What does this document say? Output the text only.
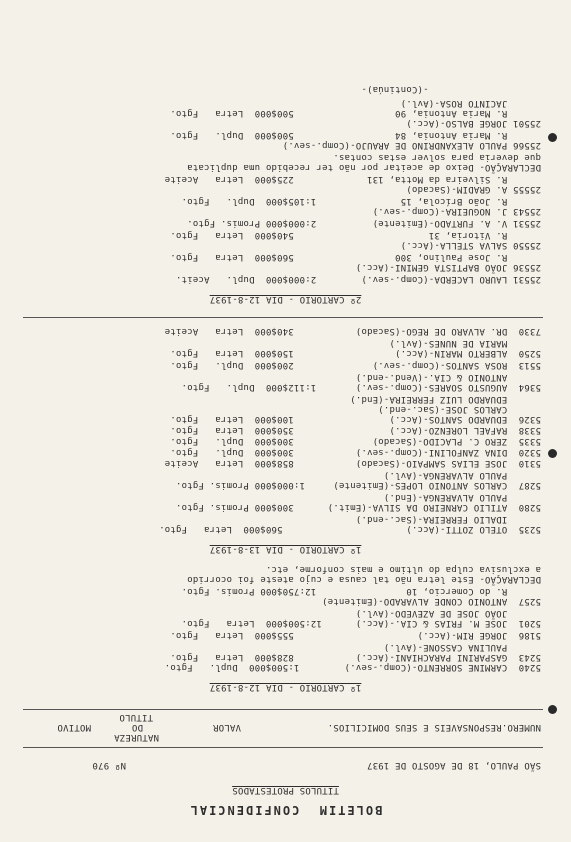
BOLETIM  CONFIDENCIAL
TITULOS PROTESTADOS
SÃO PAULO, 18 DE AGOSTO DE 1937
Nº 970
NUMERO.RESPONSAVEIS E SEUS DOMICILIOS.
VALOR
NATUREZA
DO
TITULO
MOTIVO
1º CARTORIO - DIA 12-8-1937
5240  CARMINE SORRENTO-(Comp.-sev.)        1:500$000  Dupl.   Fgto.
5243  GASPARINI PARACHIANI-(Acc.)           828$000  Letra   Fgto.
PAULINA CASSONE-(Avl.)
5186  JORGE RIM-(Acc.)                      555$000  Letra   Fgto.
5201  JOSE M. FRIAS & CIA.-(Acc.)      12:500$000  Letra   Fgto.
JOÃO JOSE DE AZEVEDO-(Avl.)
5257  ANTONIO CONDE ALVARADO-(Emitente)
R. do Comercio, 10                12:750$000 Promis. Fgto.
DECLARAÇÃO- Este letra não tal causa e cujo ateste foi ocorrido
a exclusiva culpa do ultimo e mais conforme, etc.
1º CARTORIO - DIA 13-8-1937
5235  OTELO ZOTTI-(Acc.)                      560$000  Letra   Fgto.
IDALIO FERREIRA-(Sac.-end.)
5280  ATILIO CARNEIRO DA SILVA-(Emit.)      300$000 Promis. Fgto.
PAULO ALVARENGA-(End.)
5287  CARLOS ANTONIO LOPES-(Emitente)     1:000$000 Promis. Fgto.
PAULO ALVARENGA-(Avl.)
5310  JOSE ELIAS SAMPAIO-(Sacado)           858$000  Letra   Aceite
5320  DINA ZANFOLINI-(Comp.-sev.)           300$000  Dupl.   Fgto.
5335  ZERO C. PLACIDO-(Sacado)              300$000  Dupl.   Fgto.
5338  RAFAEL LORENZO-(Acc.)                 350$000  Letra   Fgto.
5326  EDUARDO SANTOS-(Acc.)                 100$000  Letra   Fgto.
CARLOS JOSE-(Sac.-end.)
EDUARDO LUIZ FERREIRA-(End.)
5364  AUGUSTO SOARES-(Comp.-sev.)       1:112$000  Dupl.   Fgto.
ANTONIO & CIA.-(Vend.-end.)
5513  ROSA SANTOS-(Comp.-sev.)              200$000  Dupl.   Fgto.
5250  ALBERTO MARIN-(Acc.)                  150$000  Letra   Fgto.
MARIA DE NUNES-(Avl.)
7330  DR. ALVARO DE REGO-(Sacado)           340$000  Letra   Aceite
2º CARTORIO - DIA 12-8-1937
25531 LAURO LACERDA-(Comp.-sev.)        2:000$000  Dupl.   Aceit.
25536 JOÃO BAPTISTA GEMINI-(Acc.)
R. Jose Paulino, 300                  560$000  Letra   Fgto.
25550 SALVA STELLA-(Acc.)
R. Vitoria, 31                        540$000  Letra   Fgto.
25531 V. A. FURTADO-(Emitente)          2:000$000 Promis. Fgto.
25543 J. NOGUEIRA-(Comp.-sev.)
R. João Brícola, 15               1:105$000  Dupl.   Fgto.
25555 A. GRADIM-(Sacado)
R. Silveira da Motta, 131             225$000  Letra   Aceite
DECLARAÇÃO- Deixo de aceitar por não ter recebido uma duplicata
que deveria para solver estas contas.
25566 PAULO ALEXANDRINO DE ARAUJO-(Comp.-sev.)
R. Maria Antonia, 84                  500$000  Dupl.   Fgto.
25501 JORGE BALSO-(Acc.)
R. Maria Antonia, 90                  500$000  Letra   Fgto.
JACINTO ROSA-(Avl.)
-(Continúa)-
